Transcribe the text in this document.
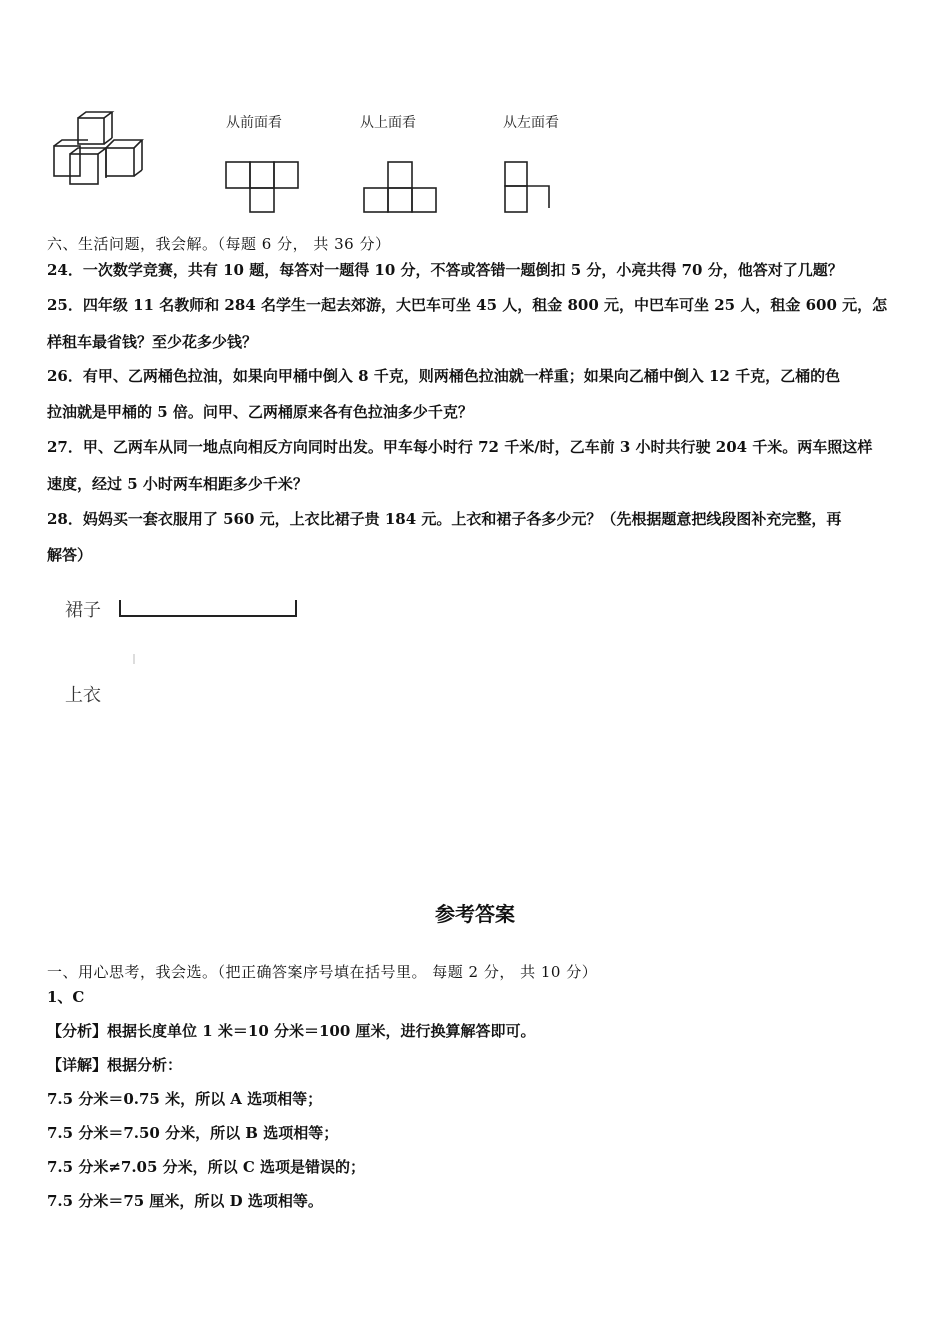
从前面看	从上面看	从左面看
六、生活问题，我会解。（每题 6 分， 共 36 分）
24．一次数学竞赛，共有 10 题，每答对一题得 10 分，不答或答错一题倒扣 5 分，小亮共得 70 分，他答对了几题？
25．四年级 11 名教师和 284 名学生一起去郊游，大巴车可坐 45 人，租金 800 元，中巴车可坐 25 人，租金 600 元，怎
样租车最省钱？至少花多少钱？
26．有甲、乙两桶色拉油，如果向甲桶中倒入 8 千克，则两桶色拉油就一样重；如果向乙桶中倒入 12 千克，乙桶的色
拉油就是甲桶的 5 倍。问甲、乙两桶原来各有色拉油多少千克？
27．甲、乙两车从同一地点向相反方向同时出发。甲车每小时行 72 千米/时，乙车前 3 小时共行驶 204 千米。两车照这样
速度，经过 5 小时两车相距多少千米？
28．妈妈买一套衣服用了 560 元，上衣比裙子贵 184 元。上衣和裙子各多少元？（先根据题意把线段图补充完整，再
解答）
裙子
上衣
参考答案
一、用心思考，我会选。（把正确答案序号填在括号里。 每题 2 分， 共 10 分）
1、C
【分析】根据长度单位 1 米＝10 分米＝100 厘米，进行换算解答即可。
【详解】根据分析：
7.5 分米＝0.75 米，所以 A 选项相等；
7.5 分米＝7.50 分米，所以 B 选项相等；
7.5 分米≠7.05 分米，所以 C 选项是错误的；
7.5 分米＝75 厘米，所以 D 选项相等。
